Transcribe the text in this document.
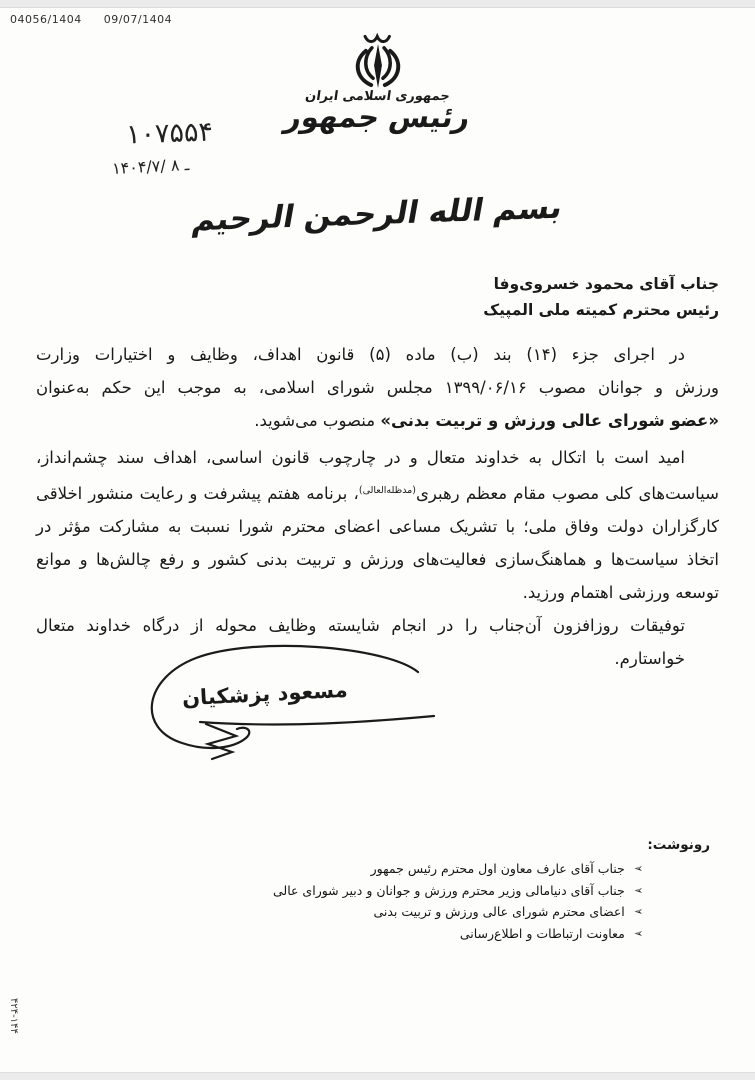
04056/1404 09/07/1404
جمهوری اسلامی ایران
رئیس جمهور
۱۰۷۵۵۴
۱۴۰۴/۷/ ـ ۸
بسم الله الرحمن الرحیم
جناب آقای محمود خسروی‌وفا
رئیس محترم کمیته ملی المپیک
در اجرای جزء (۱۴) بند (ب) ماده (۵) قانون اهداف، وظایف و اختیارات وزارت
ورزش و جوانان مصوب ۱۳۹۹/۰۶/۱۶ مجلس شورای اسلامی، به موجب این حکم به‌عنوان
«عضو شورای عالی ورزش و تربیت بدنی» منصوب می‌شوید.
امید است با اتکال به خداوند متعال و در چارچوب قانون اساسی، اهداف سند چشم‌انداز،
سیاست‌های کلی مصوب مقام معظم رهبری$^{(مدظله‌العالی)}$، برنامه هفتم پیشرفت و رعایت منشور اخلاقی
کارگزاران دولت وفاق ملی؛ با تشریک مساعی اعضای محترم شورا نسبت به مشارکت مؤثر در
اتخاذ سیاست‌ها و هماهنگ‌سازی فعالیت‌های ورزش و تربیت بدنی کشور و رفع چالش‌ها و موانع
توسعه ورزشی اهتمام ورزید.
توفیقات روزافزون آن‌جناب را در انجام شایسته وظایف محوله از درگاه خداوند متعال خواستارم.
مسعود پزشکیان
رونوشت:
➢
جناب آقای عارف معاون اول محترم رئیس جمهور
➢
جناب آقای دنیامالی وزیر محترم ورزش و جوانان و دبیر شورای عالی
➢
اعضای محترم شورای عالی ورزش و تربیت بدنی
➢
معاونت ارتباطات و اطلاع‌رسانی
۴۲۴-۱۴۴
